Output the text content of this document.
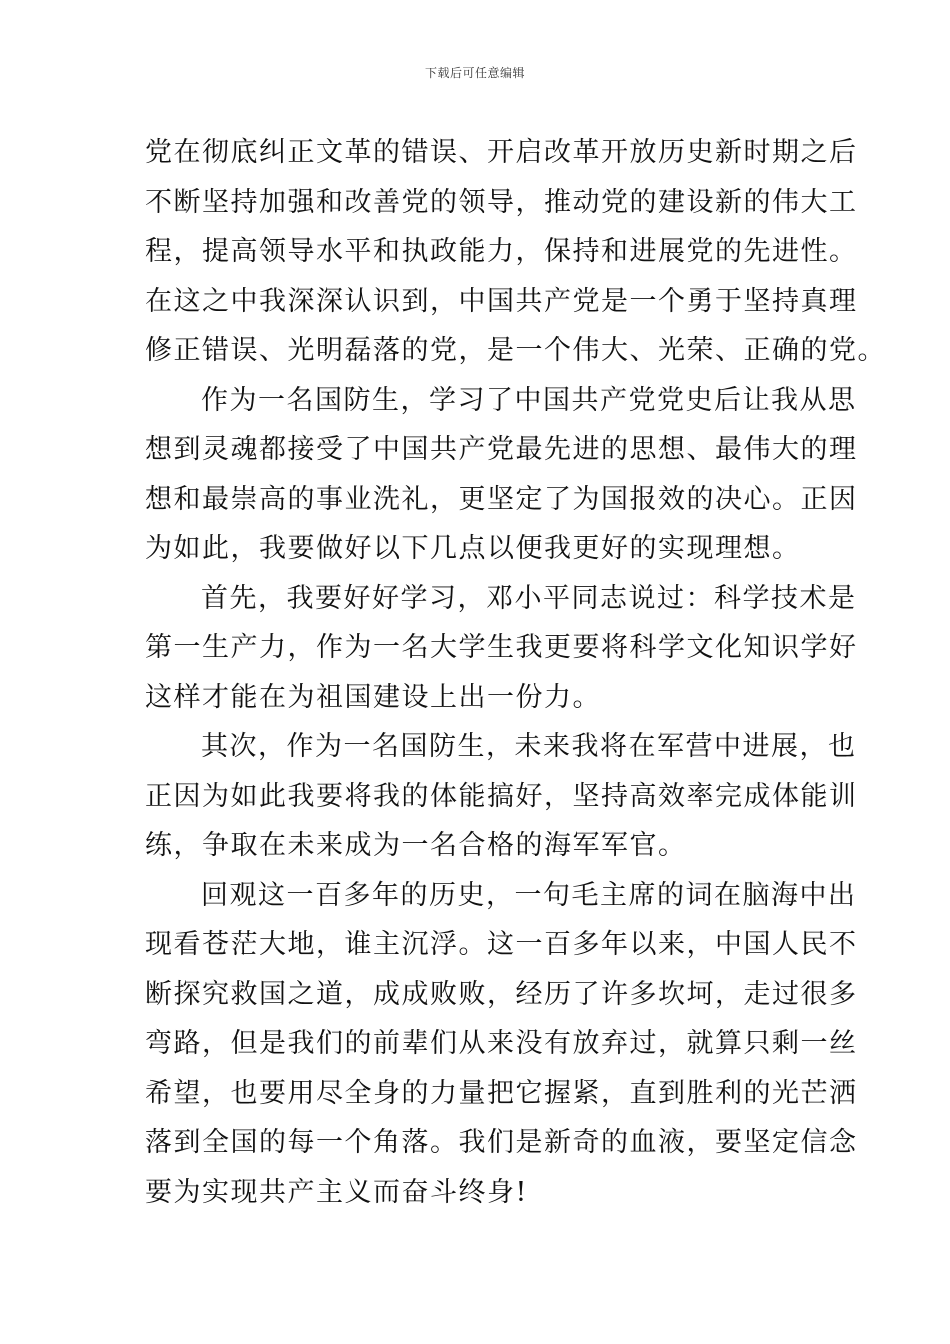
下载后可任意编辑
党在彻底纠正文革的错误、开启改革开放历史新时期之后
不断坚持加强和改善党的领导，推动党的建设新的伟大工
程，提高领导水平和执政能力，保持和进展党的先进性。
在这之中我深深认识到，中国共产党是一个勇于坚持真理
修正错误、光明磊落的党，是一个伟大、光荣、正确的党。
作为一名国防生，学习了中国共产党党史后让我从思
想到灵魂都接受了中国共产党最先进的思想、最伟大的理
想和最崇高的事业洗礼，更坚定了为国报效的决心。正因
为如此，我要做好以下几点以便我更好的实现理想。
首先，我要好好学习，邓小平同志说过：科学技术是
第一生产力，作为一名大学生我更要将科学文化知识学好
这样才能在为祖国建设上出一份力。
其次，作为一名国防生，未来我将在军营中进展，也
正因为如此我要将我的体能搞好，坚持高效率完成体能训
练，争取在未来成为一名合格的海军军官。
回观这一百多年的历史，一句毛主席的词在脑海中出
现看苍茫大地，谁主沉浮。这一百多年以来，中国人民不
断探究救国之道，成成败败，经历了许多坎坷，走过很多
弯路，但是我们的前辈们从来没有放弃过，就算只剩一丝
希望，也要用尽全身的力量把它握紧，直到胜利的光芒洒
落到全国的每一个角落。我们是新奇的血液，要坚定信念
要为实现共产主义而奋斗终身!
